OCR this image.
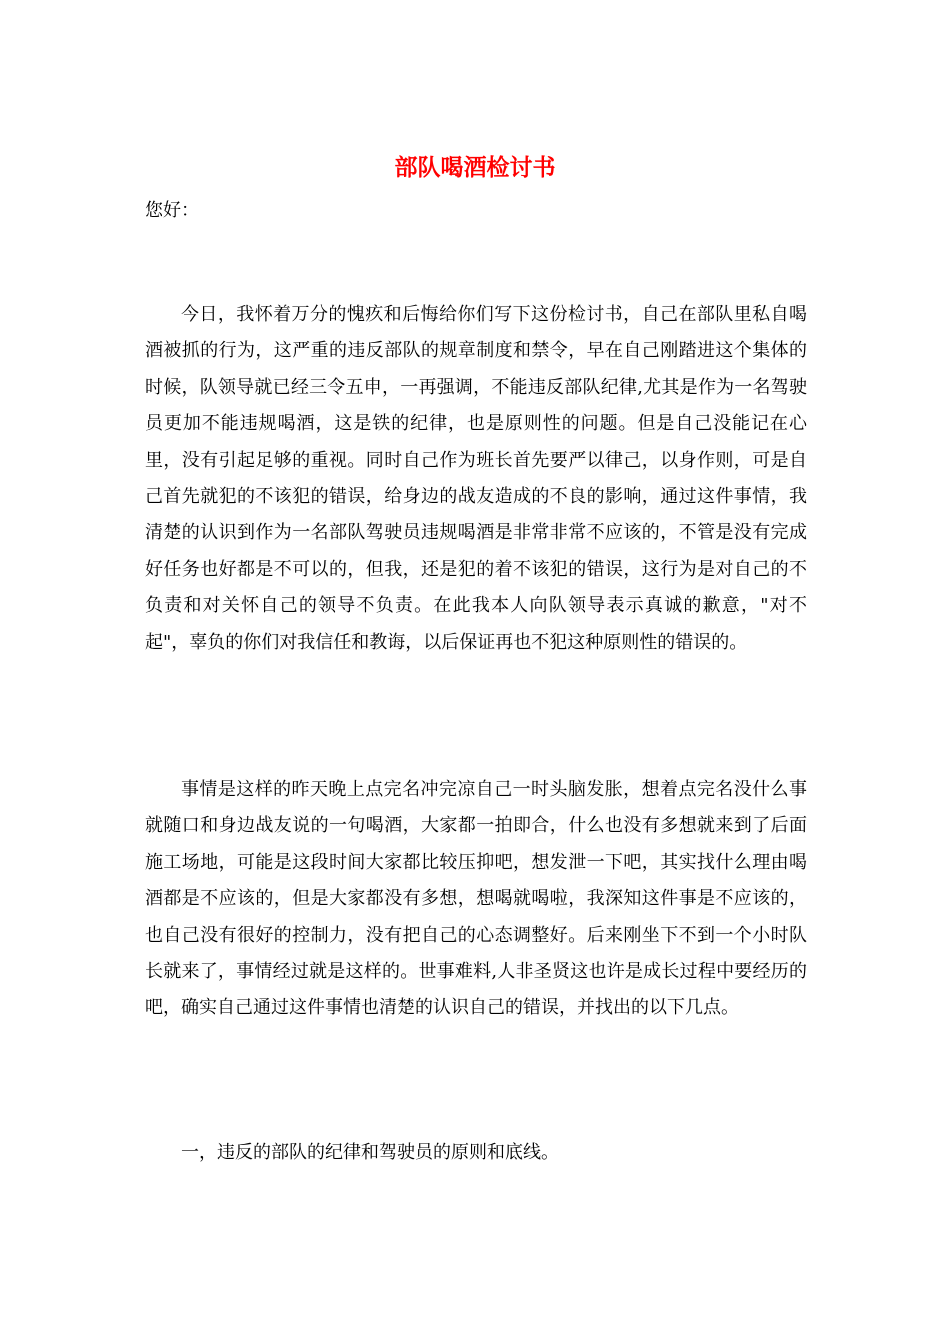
部队喝酒检讨书
您好：

今日，我怀着万分的愧疚和后悔给你们写下这份检讨书，自己在部队里私自喝酒被抓的行为，这严重的违反部队的规章制度和禁令，早在自己刚踏进这个集体的时候，队领导就已经三令五申，一再强调，不能违反部队纪律,尤其是作为一名驾驶员更加不能违规喝酒，这是铁的纪律，也是原则性的问题。但是自己没能记在心里，没有引起足够的重视。同时自己作为班长首先要严以律己，以身作则，可是自己首先就犯的不该犯的错误，给身边的战友造成的不良的影响，通过这件事情，我清楚的认识到作为一名部队驾驶员违规喝酒是非常非常不应该的，不管是没有完成好任务也好都是不可以的，但我，还是犯的着不该犯的错误，这行为是对自己的不负责和对关怀自己的领导不负责。在此我本人向队领导表示真诚的歉意，"对不起"，辜负的你们对我信任和教诲，以后保证再也不犯这种原则性的错误的。

事情是这样的昨天晚上点完名冲完凉自己一时头脑发胀，想着点完名没什么事就随口和身边战友说的一句喝酒，大家都一拍即合，什么也没有多想就来到了后面施工场地，可能是这段时间大家都比较压抑吧，想发泄一下吧，其实找什么理由喝酒都是不应该的，但是大家都没有多想，想喝就喝啦，我深知这件事是不应该的，也自己没有很好的控制力，没有把自己的心态调整好。后来刚坐下不到一个小时队长就来了，事情经过就是这样的。世事难料,人非圣贤这也许是成长过程中要经历的吧，确实自己通过这件事情也清楚的认识自己的错误，并找出的以下几点。

一，违反的部队的纪律和驾驶员的原则和底线。
